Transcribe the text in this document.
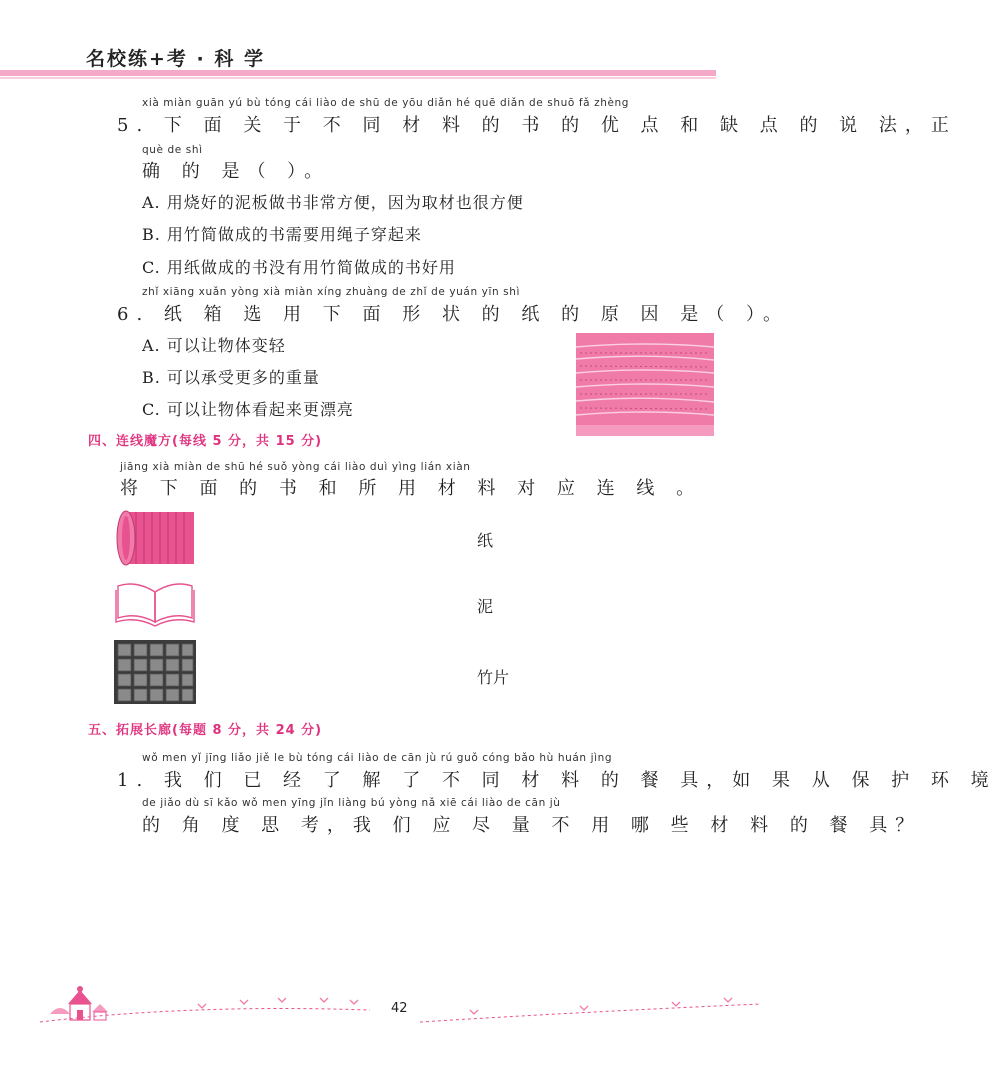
名校练+考 · 科 学
xià miàn guān yú bù tóng cái liào de shū de yōu diǎn hé quē diǎn de shuō fǎ zhèng
5. 下 面 关 于 不 同 材 料 的 书 的 优 点 和 缺 点 的 说 法，正
què de shì
确 的 是（ ）。
A. 用烧好的泥板做书非常方便，因为取材也很方便
B. 用竹简做成的书需要用绳子穿起来
C. 用纸做成的书没有用竹简做成的书好用
zhǐ xiāng xuǎn yòng xià miàn xíng zhuàng de zhǐ de yuán yīn shì
6. 纸 箱 选 用 下 面 形 状 的 纸 的 原 因 是（ ）。
A. 可以让物体变轻
B. 可以承受更多的重量
C. 可以让物体看起来更漂亮
四、连线魔方(每线 5 分，共 15 分)
jiāng xià miàn de shū hé suǒ yòng cái liào duì yìng lián xiàn
将 下 面 的 书 和 所 用 材 料 对 应 连 线 。
纸
泥
竹片
五、拓展长廊(每题 8 分，共 24 分)
wǒ men yǐ jīng liǎo jiě le bù tóng cái liào de cān jù rú guǒ cóng bǎo hù huán jìng
1. 我 们 已 经 了 解 了 不 同 材 料 的 餐 具，如 果 从 保 护 环 境
de jiǎo dù sī kǎo wǒ men yīng jǐn liàng bú yòng nǎ xiē cái liào de cān jù
的 角 度 思 考，我 们 应 尽 量 不 用 哪 些 材 料 的 餐 具？
42
